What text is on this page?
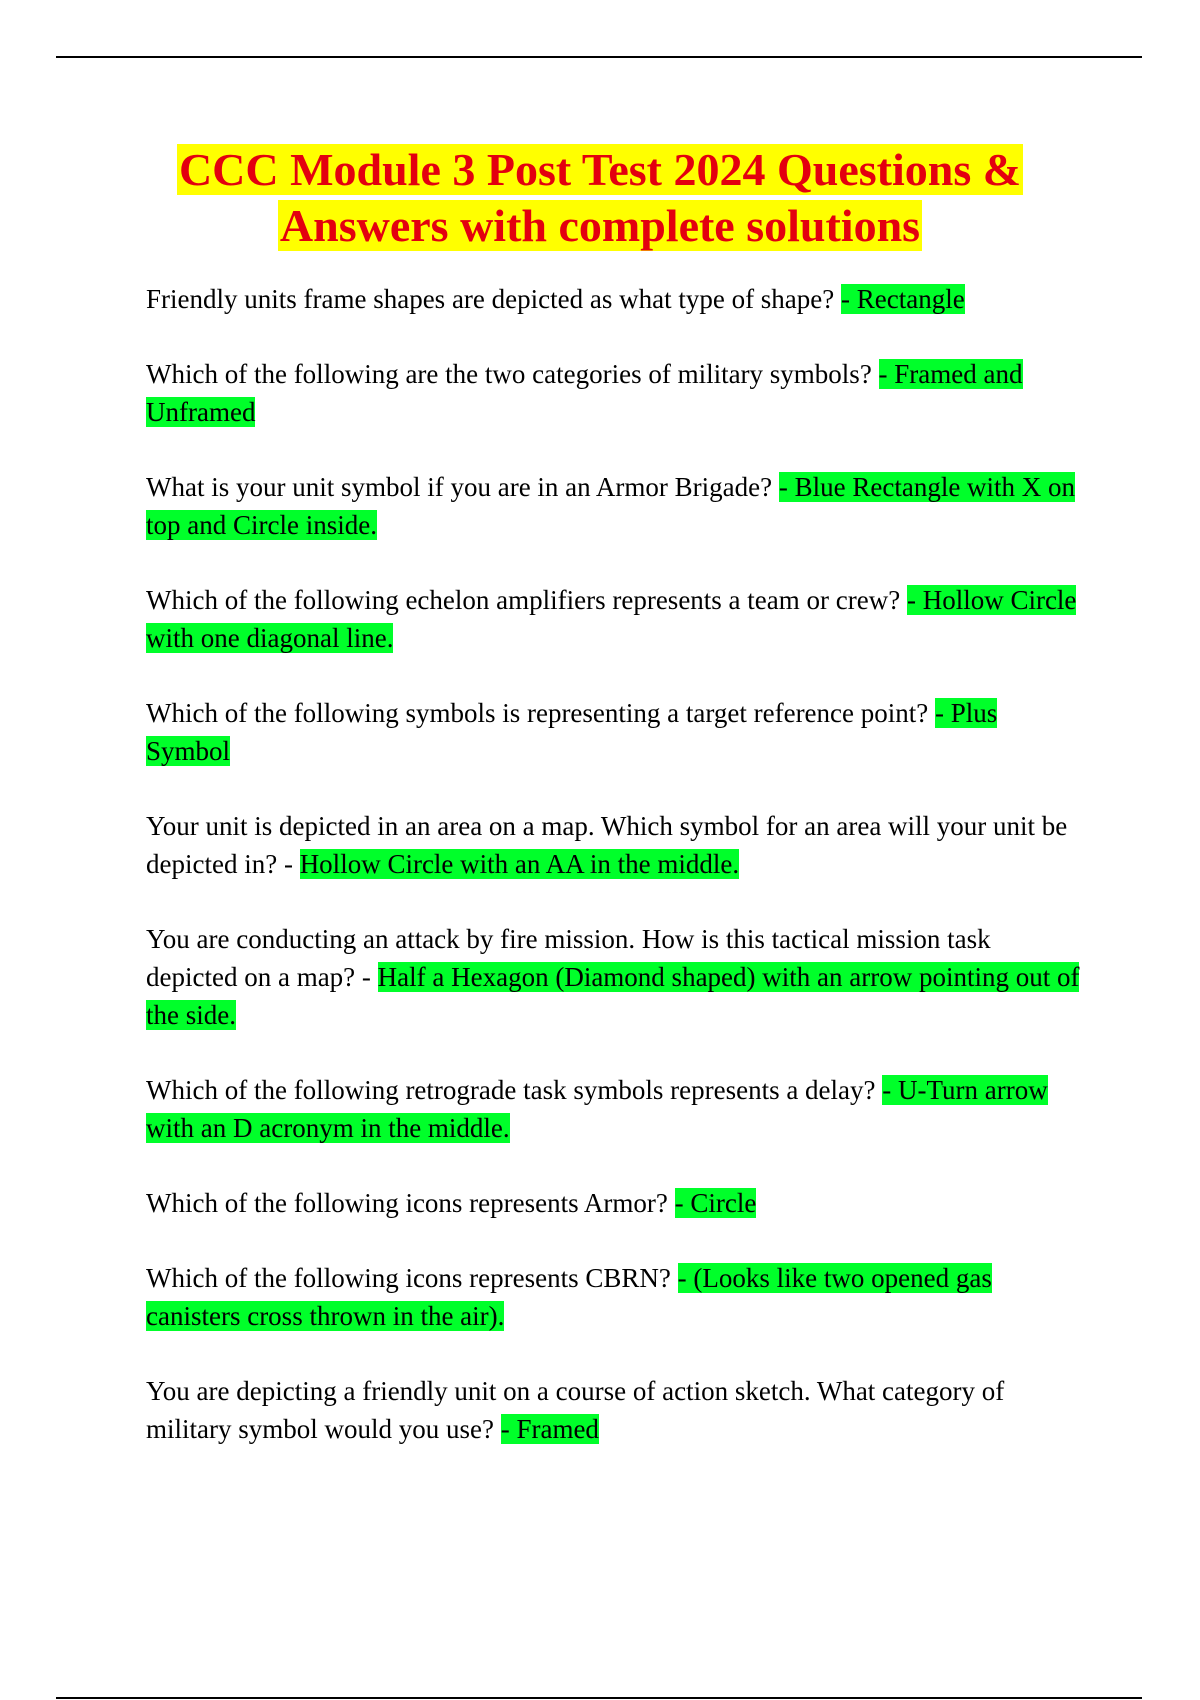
CCC Module 3 Post Test 2024 Questions & Answers with complete solutions

Friendly units frame shapes are depicted as what type of shape? - Rectangle

Which of the following are the two categories of military symbols? - Framed and Unframed

What is your unit symbol if you are in an Armor Brigade? - Blue Rectangle with X on top and Circle inside.

Which of the following echelon amplifiers represents a team or crew? - Hollow Circle with one diagonal line.

Which of the following symbols is representing a target reference point? - Plus Symbol

Your unit is depicted in an area on a map. Which symbol for an area will your unit be depicted in? - Hollow Circle with an AA in the middle.

You are conducting an attack by fire mission. How is this tactical mission task depicted on a map? - Half a Hexagon (Diamond shaped) with an arrow pointing out of the side.

Which of the following retrograde task symbols represents a delay? - U-Turn arrow with an D acronym in the middle.

Which of the following icons represents Armor? - Circle

Which of the following icons represents CBRN? - (Looks like two opened gas canisters cross thrown in the air).

You are depicting a friendly unit on a course of action sketch. What category of military symbol would you use? - Framed
